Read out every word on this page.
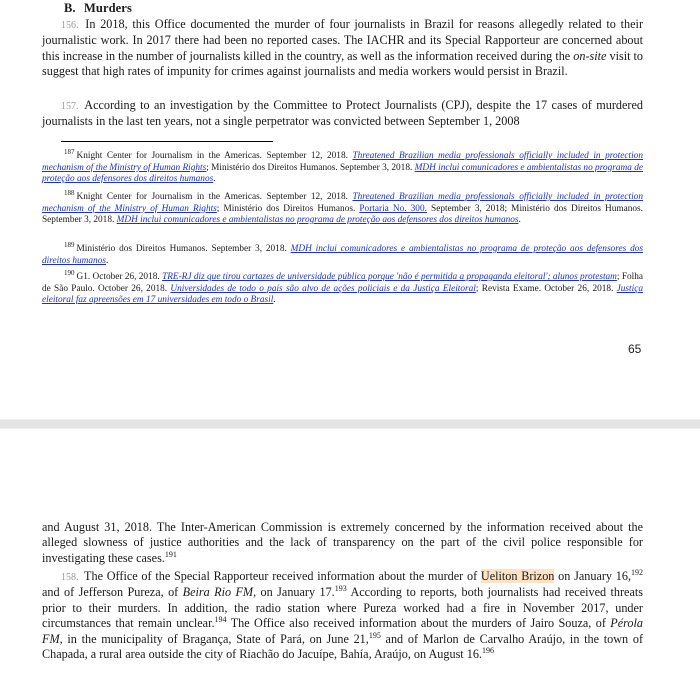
B. Murders

156. In 2018, this Office documented the murder of four journalists in Brazil for reasons allegedly related to their journalistic work. In 2017 there had been no reported cases. The IACHR and its Special Rapporteur are concerned about this increase in the number of journalists killed in the country, as well as the information received during the on-site visit to suggest that high rates of impunity for crimes against journalists and media workers would persist in Brazil.

157. According to an investigation by the Committee to Protect Journalists (CPJ), despite the 17 cases of murdered journalists in the last ten years, not a single perpetrator was convicted between September 1, 2008

$^{187}$ Knight Center for Journalism in the Americas. September 12, 2018. Threatened Brazilian media professionals officially included in protection mechanism of the Ministry of Human Rights; Ministério dos Direitos Humanos. September 3, 2018. MDH inclui comunicadores e ambientalistas no programa de proteção aos defensores dos direitos humanos.

$^{188}$ Knight Center for Journalism in the Americas. September 12, 2018. Threatened Brazilian media professionals officially included in protection mechanism of the Ministry of Human Rights; Ministério dos Direitos Humanos. Portaria No. 300. September 3, 2018; Ministério dos Direitos Humanos. September 3, 2018. MDH inclui comunicadores e ambientalistas no programa de proteção aos defensores dos direitos humanos.

$^{189}$ Ministério dos Direitos Humanos. September 3, 2018. MDH inclui comunicadores e ambientalistas no programa de proteção aos defensores dos direitos humanos.

$^{190}$ G1. October 26, 2018. TRE-RJ diz que tirou cartazes de universidade pública porque 'não é permitida a propaganda eleitoral'; alunos protestam; Folha de São Paulo. October 26, 2018. Universidades de todo o país são alvo de ações policiais e da Justiça Eleitoral; Revista Exame. October 26, 2018. Justiça eleitoral faz apreensões em 17 universidades em todo o Brasil.

65

and August 31, 2018. The Inter-American Commission is extremely concerned by the information received about the alleged slowness of justice authorities and the lack of transparency on the part of the civil police responsible for investigating these cases.$^{191}$

158. The Office of the Special Rapporteur received information about the murder of Ueliton Brizon on January 16,$^{192}$ and of Jefferson Pureza, of Beira Rio FM, on January 17.$^{193}$ According to reports, both journalists had received threats prior to their murders. In addition, the radio station where Pureza worked had a fire in November 2017, under circumstances that remain unclear.$^{194}$ The Office also received information about the murders of Jairo Souza, of Pérola FM, in the municipality of Bragança, State of Pará, on June 21,$^{195}$ and of Marlon de Carvalho Araújo, in the town of Chapada, a rural area outside the city of Riachão do Jacuípe, Bahía, Araújo, on August 16.$^{196}$
